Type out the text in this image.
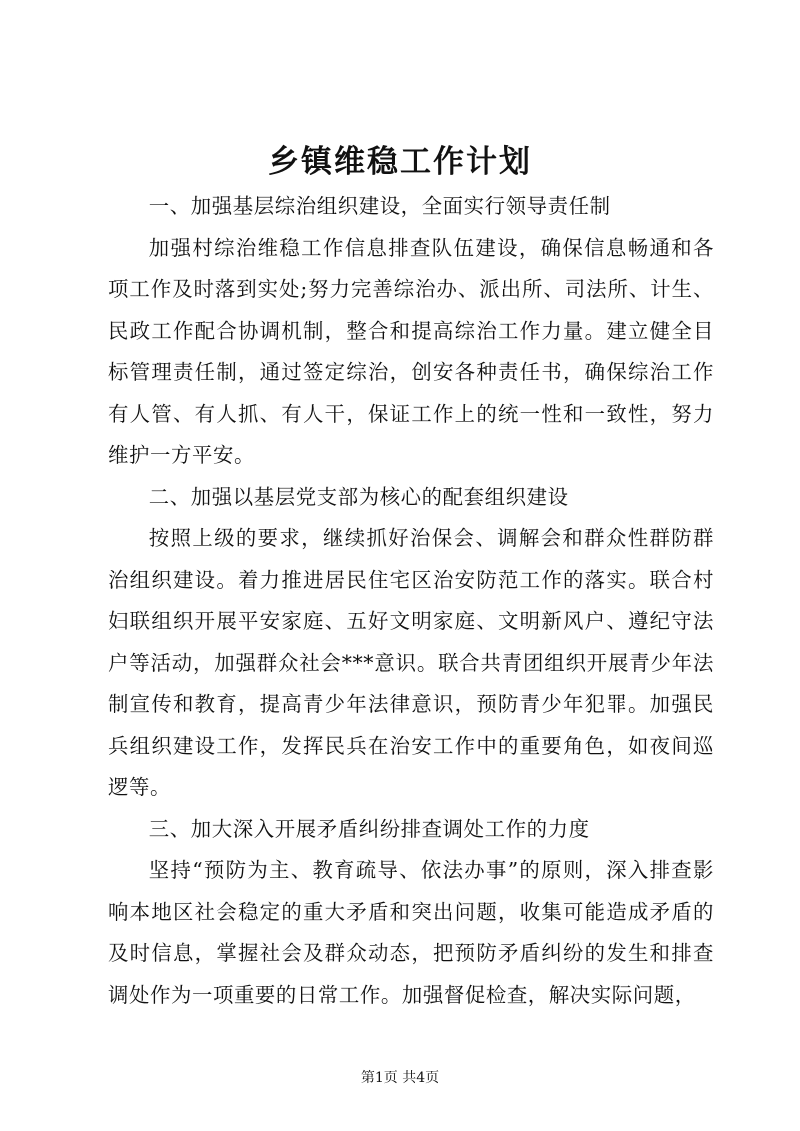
乡镇维稳工作计划
一、加强基层综治组织建设，全面实行领导责任制

加强村综治维稳工作信息排查队伍建设，确保信息畅通和各项工作及时落到实处;努力完善综治办、派出所、司法所、计生、民政工作配合协调机制，整合和提高综治工作力量。建立健全目标管理责任制，通过签定综治，创安各种责任书，确保综治工作有人管、有人抓、有人干，保证工作上的统一性和一致性，努力维护一方平安。

二、加强以基层党支部为核心的配套组织建设

按照上级的要求，继续抓好治保会、调解会和群众性群防群治组织建设。着力推进居民住宅区治安防范工作的落实。联合村妇联组织开展平安家庭、五好文明家庭、文明新风户、遵纪守法户等活动，加强群众社会***意识。联合共青团组织开展青少年法制宣传和教育，提高青少年法律意识，预防青少年犯罪。加强民兵组织建设工作，发挥民兵在治安工作中的重要角色，如夜间巡逻等。

三、加大深入开展矛盾纠纷排查调处工作的力度

坚持“预防为主、教育疏导、依法办事”的原则，深入排查影响本地区社会稳定的重大矛盾和突出问题，收集可能造成矛盾的及时信息，掌握社会及群众动态，把预防矛盾纠纷的发生和排查调处作为一项重要的日常工作。加强督促检查，解决实际问题，

第1页 共4页
